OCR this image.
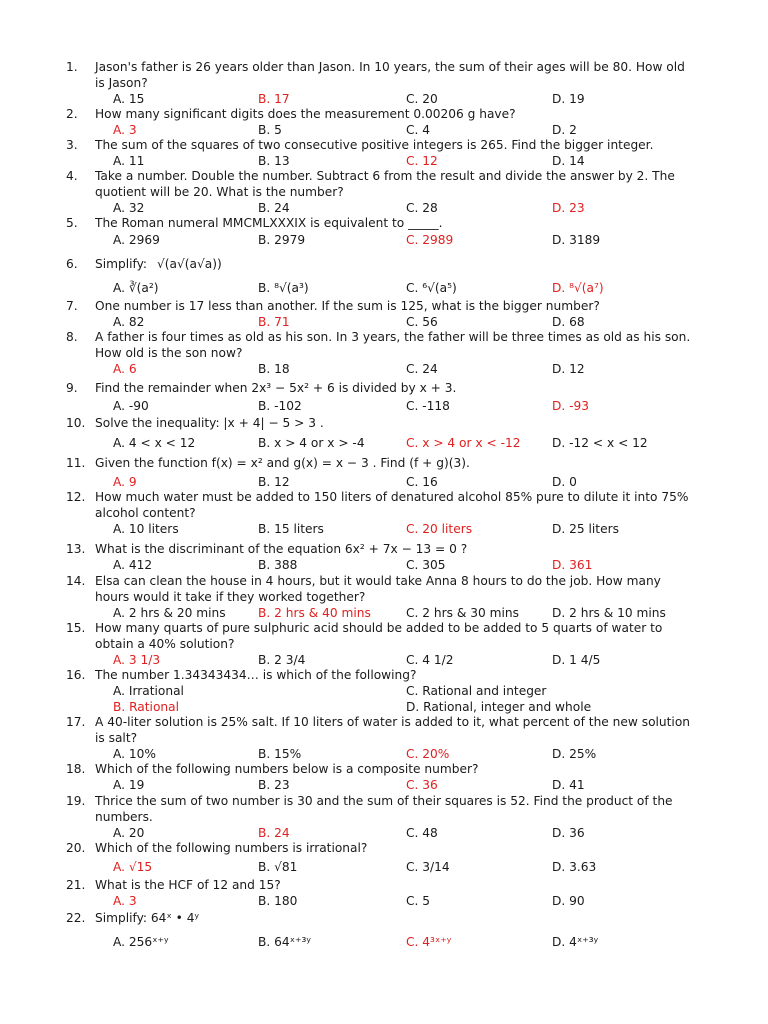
1. Jason's father is 26 years older than Jason. In 10 years, the sum of their ages will be 80. How old
is Jason?
A. 15	B. 17	C. 20	D. 19
2. How many significant digits does the measurement 0.00206 g have?
A. 3	B. 5	C. 4	D. 2
3. The sum of the squares of two consecutive positive integers is 265. Find the bigger integer.
A. 11	B. 13	C. 12	D. 14
4. Take a number. Double the number. Subtract 6 from the result and divide the answer by 2. The
quotient will be 20. What is the number?
A. 32	B. 24	C. 28	D. 23
5. The Roman numeral MMCMLXXXIX is equivalent to _____.
A. 2969	B. 2979	C. 2989	D. 3189
6. Simplify: √(a√(a√a))
A. ∛(a²)	B. ⁸√(a³)	C. ⁶√(a⁵)	D. ⁸√(a⁷)
7. One number is 17 less than another. If the sum is 125, what is the bigger number?
A. 82	B. 71	C. 56	D. 68
8. A father is four times as old as his son. In 3 years, the father will be three times as old as his son.
How old is the son now?
A. 6	B. 18	C. 24	D. 12
9. Find the remainder when 2x³ − 5x² + 6 is divided by x + 3.
A. -90	B. -102	C. -118	D. -93
10. Solve the inequality: |x + 4| − 5 > 3 .
A. 4 < x < 12	B. x > 4 or x > -4	C. x > 4 or x < -12	D. -12 < x < 12
11. Given the function f(x) = x² and g(x) = x − 3 . Find (f + g)(3).
A. 9	B. 12	C. 16	D. 0
12. How much water must be added to 150 liters of denatured alcohol 85% pure to dilute it into 75%
alcohol content?
A. 10 liters	B. 15 liters	C. 20 liters	D. 25 liters
13. What is the discriminant of the equation 6x² + 7x − 13 = 0 ?
A. 412	B. 388	C. 305	D. 361
14. Elsa can clean the house in 4 hours, but it would take Anna 8 hours to do the job. How many
hours would it take if they worked together?
A. 2 hrs & 20 mins	B. 2 hrs & 40 mins	C. 2 hrs & 30 mins	D. 2 hrs & 10 mins
15. How many quarts of pure sulphuric acid should be added to be added to 5 quarts of water to
obtain a 40% solution?
A. 3 1/3	B. 2 3/4	C. 4 1/2	D. 1 4/5
16. The number 1.34343434… is which of the following?
A. Irrational	C. Rational and integer
B. Rational	D. Rational, integer and whole
17. A 40-liter solution is 25% salt. If 10 liters of water is added to it, what percent of the new solution
is salt?
A. 10%	B. 15%	C. 20%	D. 25%
18. Which of the following numbers below is a composite number?
A. 19	B. 23	C. 36	D. 41
19. Thrice the sum of two number is 30 and the sum of their squares is 52. Find the product of the
numbers.
A. 20	B. 24	C. 48	D. 36
20. Which of the following numbers is irrational?
A. √15	B. √81	C. 3/14	D. 3.63
21. What is the HCF of 12 and 15?
A. 3	B. 180	C. 5	D. 90
22. Simplify: 64ˣ • 4ʸ
A. 256ˣ⁺ʸ	B. 64ˣ⁺³ʸ	C. 4³ˣ⁺ʸ	D. 4ˣ⁺³ʸ
